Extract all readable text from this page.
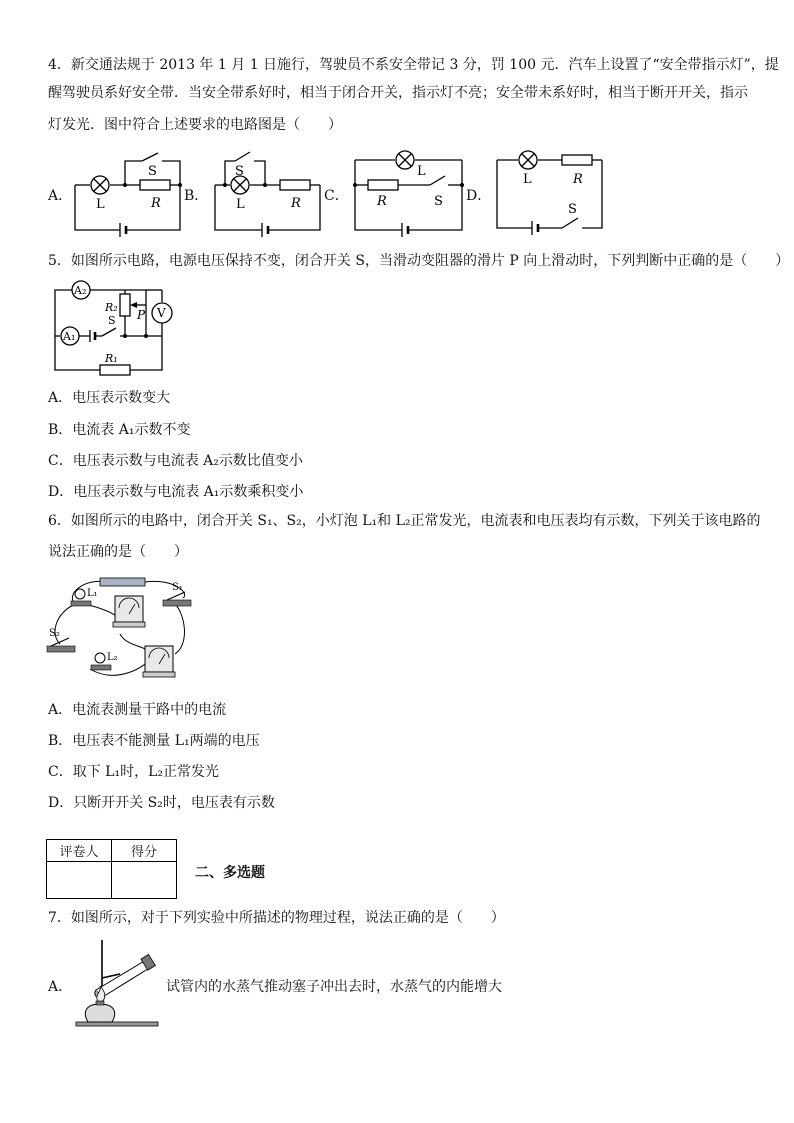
4．新交通法规于 2013 年 1 月 1 日施行，驾驶员不系安全带记 3 分，罚 100 元．汽车上设置了“安全带指示灯”，提
醒驾驶员系好安全带．当安全带系好时，相当于闭合开关，指示灯不亮；安全带未系好时，相当于断开开关，指示
灯发光．图中符合上述要求的电路图是（　　）
A．	B．	C．	D．
L	R
S
L	R
S	L
R	S
L	R
S
5．如图所示电路，电源电压保持不变，闭合开关 S，当滑动变阻器的滑片 P 向上滑动时，下列判断中正确的是（　　）
A₂
A₁
V
R₂
R₁
P
S
A．电压表示数变大
B．电流表 A₁示数不变
C．电压表示数与电流表 A₂示数比值变小
D．电压表示数与电流表 A₁示数乘积变小
6．如图所示的电路中，闭合开关 S₁、S₂，小灯泡 L₁和 L₂正常发光，电流表和电压表均有示数，下列关于该电路的
说法正确的是（　　）
L₁
L₂
S₁
S₂
A．电流表测量干路中的电流
B．电压表不能测量 L₁两端的电压
C．取下 L₁时，L₂正常发光
D．只断开开关 S₂时，电压表有示数
评卷人	得分

二、多选题
7．如图所示，对于下列实验中所描述的物理过程，说法正确的是（　　）
A．	试管内的水蒸气推动塞子冲出去时，水蒸气的内能增大
